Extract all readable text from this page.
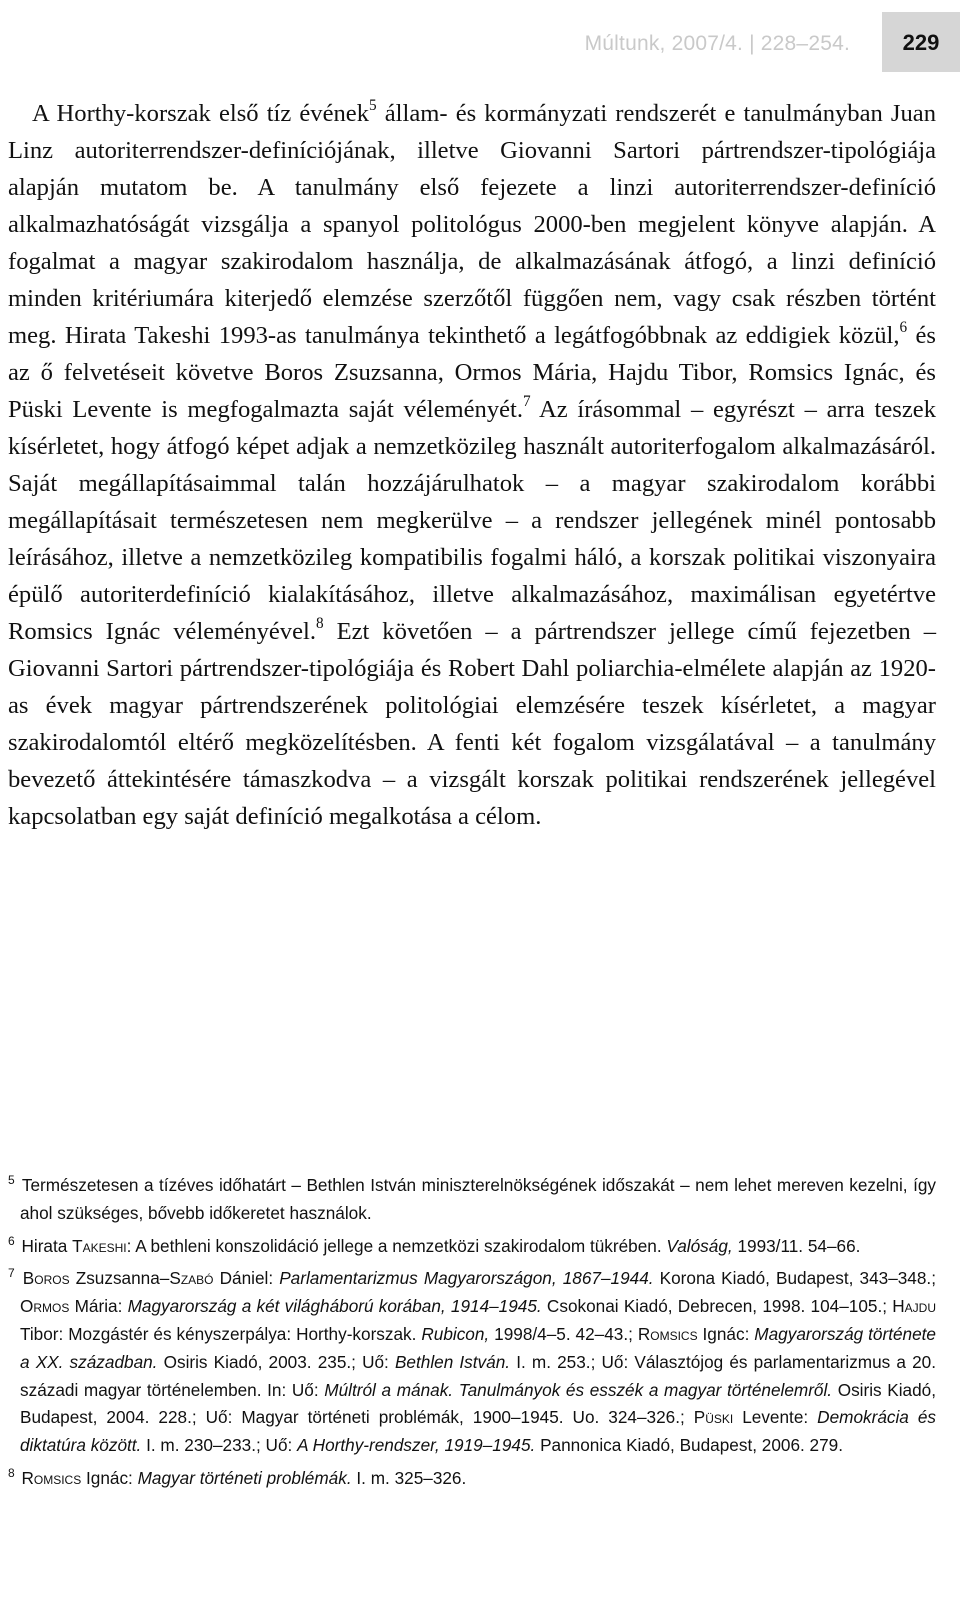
Múltunk, 2007/4. | 228–254.	229

A Horthy-korszak első tíz évének$^5$ állam- és kormányzati rendszerét e tanulmányban Juan Linz autoriterrendszer-definíciójának, illetve Giovanni Sartori pártrendszer-tipológiája alapján mutatom be. A tanulmány első fejezete a linzi autoriterrendszer-definíció alkalmazhatóságát vizsgálja a spanyol politológus 2000-ben megjelent könyve alapján. A fogalmat a magyar szakirodalom használja, de alkalmazásának átfogó, a linzi definíció minden kritériumára kiterjedő elemzése szerzőtől függően nem, vagy csak részben történt meg. Hirata Takeshi 1993-as tanulmánya tekinthető a legátfogóbbnak az eddigiek közül,$^6$ és az ő felvetéseit követve Boros Zsuzsanna, Ormos Mária, Hajdu Tibor, Romsics Ignác, és Püski Levente is megfogalmazta saját véleményét.$^7$ Az írásommal – egyrészt – arra teszek kísérletet, hogy átfogó képet adjak a nemzetközileg használt autoriterfogalom alkalmazásáról. Saját megállapításaimmal talán hozzájárulhatok – a magyar szakirodalom korábbi megállapításait természetesen nem megkerülve – a rendszer jellegének minél pontosabb leírásához, illetve a nemzetközileg kompatibilis fogalmi háló, a korszak politikai viszonyaira épülő autoriterdefiníció kialakításához, illetve alkalmazásához, maximálisan egyetértve Romsics Ignác véleményével.$^8$ Ezt követően – a pártrendszer jellege című fejezetben – Giovanni Sartori pártrendszer-tipológiája és Robert Dahl poliarchia-elmélete alapján az 1920-as évek magyar pártrendszerének politológiai elemzésére teszek kísérletet, a magyar szakirodalomtól eltérő megközelítésben. A fenti két fogalom vizsgálatával – a tanulmány bevezető áttekintésére támaszkodva – a vizsgált korszak politikai rendszerének jellegével kapcsolatban egy saját definíció megalkotása a célom.

$^5$ Természetesen a tízéves időhatárt – Bethlen István miniszterelnökségének időszakát – nem lehet mereven kezelni, így ahol szükséges, bővebb időkeretet használok.

$^6$ Hirata Takeshi: A bethleni konszolidáció jellege a nemzetközi szakirodalom tükrében. Valóság, 1993/11. 54–66.

$^7$ Boros Zsuzsanna–Szabó Dániel: Parlamentarizmus Magyarországon, 1867–1944. Korona Kiadó, Budapest, 343–348.; Ormos Mária: Magyarország a két világháború korában, 1914–1945. Csokonai Kiadó, Debrecen, 1998. 104–105.; Hajdu Tibor: Mozgástér és kényszerpálya: Horthy-korszak. Rubicon, 1998/4–5. 42–43.; Romsics Ignác: Magyarország története a XX. században. Osiris Kiadó, 2003. 235.; Uő: Bethlen István. I. m. 253.; Uő: Választójog és parlamentarizmus a 20. századi magyar történelemben. In: Uő: Múltról a mának. Tanulmányok és esszék a magyar történelemről. Osiris Kiadó, Budapest, 2004. 228.; Uő: Magyar történeti problémák, 1900–1945. Uo. 324–326.; Püski Levente: Demokrácia és diktatúra között. I. m. 230–233.; Uő: A Horthy-rendszer, 1919–1945. Pannonica Kiadó, Budapest, 2006. 279.

$^8$ Romsics Ignác: Magyar történeti problémák. I. m. 325–326.
